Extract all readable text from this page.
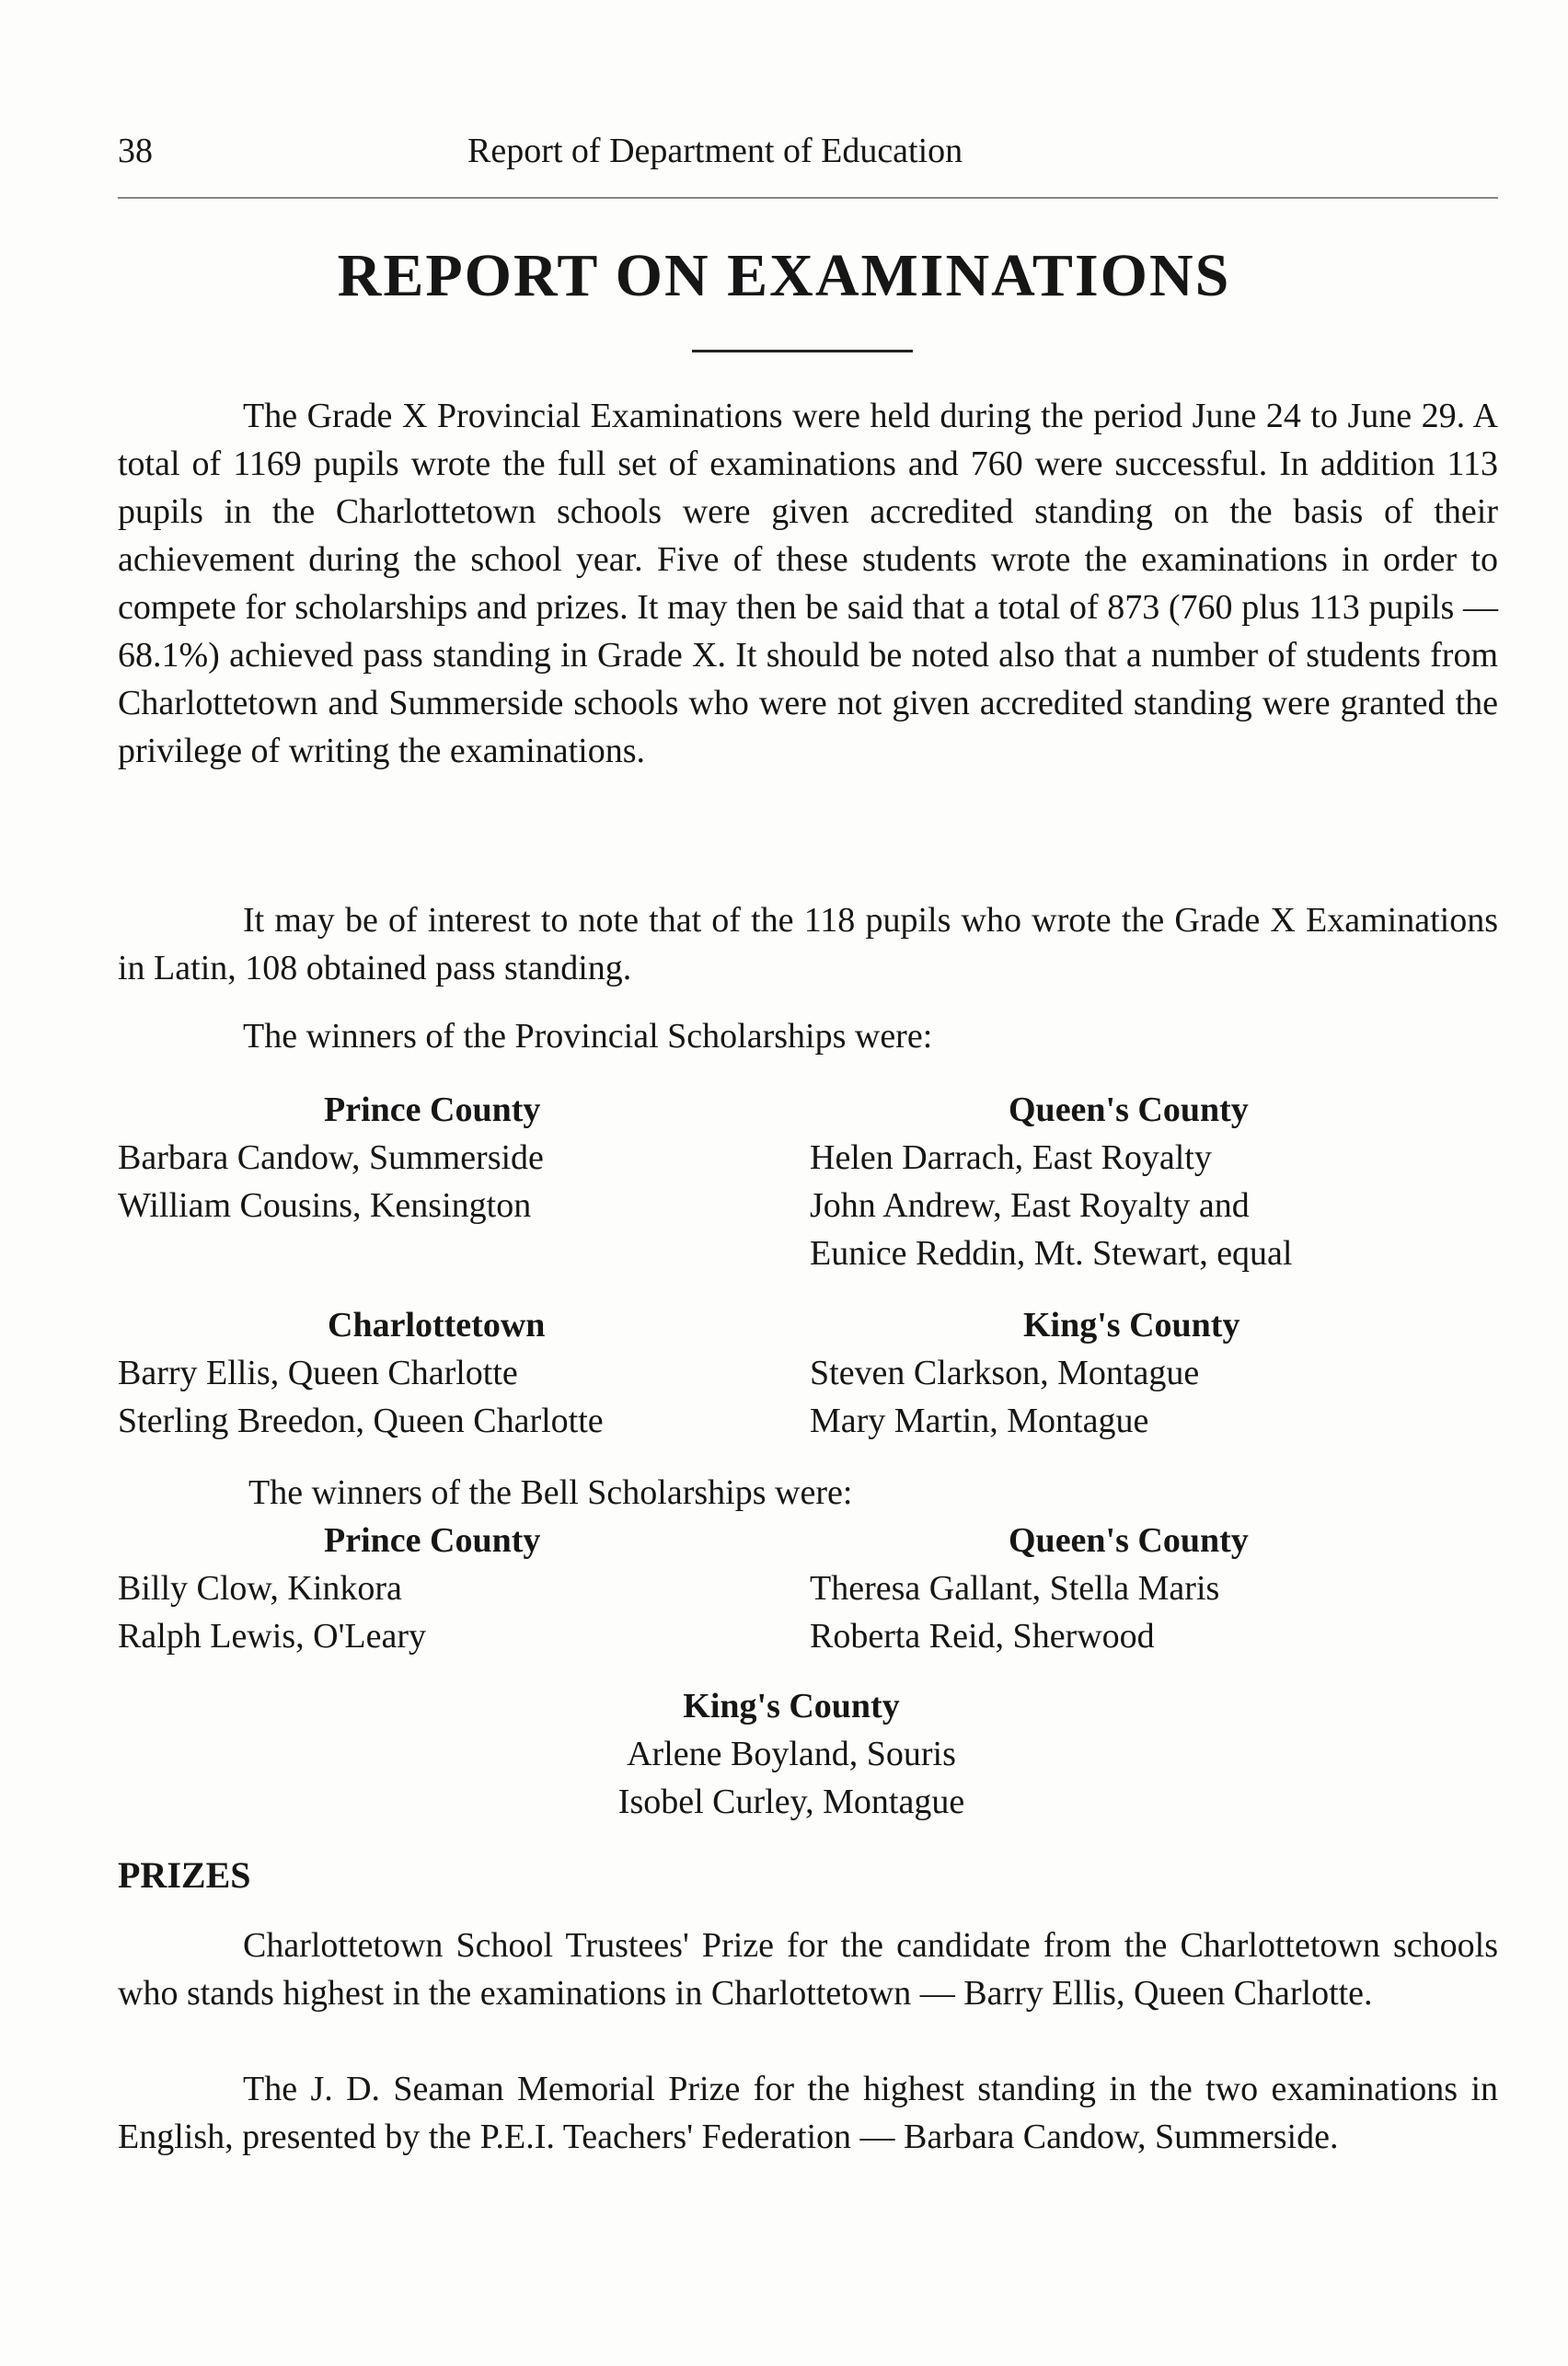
38	Report of Department of Education
REPORT ON EXAMINATIONS

The Grade X Provincial Examinations were held during the period June 24 to June 29. A total of 1169 pupils wrote the full set of examinations and 760 were successful. In addition 113 pupils in the Charlottetown schools were given accredited standing on the basis of their achievement during the school year. Five of these students wrote the examinations in order to compete for scholarships and prizes. It may then be said that a total of 873 (760 plus 113 pupils — 68.1%) achieved pass standing in Grade X. It should be noted also that a number of students from Charlottetown and Summerside schools who were not given accredited standing were granted the privilege of writing the examinations.

It may be of interest to note that of the 118 pupils who wrote the Grade X Examinations in Latin, 108 obtained pass standing.

The winners of the Provincial Scholarships were:
Prince County
Barbara Candow, Summerside
William Cousins, Kensington
Queen's County
Helen Darrach, East Royalty
John Andrew, East Royalty and
Eunice Reddin, Mt. Stewart, equal
Charlottetown
Barry Ellis, Queen Charlotte
Sterling Breedon, Queen Charlotte
King's County
Steven Clarkson, Montague
Mary Martin, Montague
The winners of the Bell Scholarships were:
Prince County
Billy Clow, Kinkora
Ralph Lewis, O'Leary
Queen's County
Theresa Gallant, Stella Maris
Roberta Reid, Sherwood
King's County
Arlene Boyland, Souris
Isobel Curley, Montague
PRIZES

Charlottetown School Trustees' Prize for the candidate from the Charlottetown schools who stands highest in the examinations in Charlottetown — Barry Ellis, Queen Charlotte.

The J. D. Seaman Memorial Prize for the highest standing in the two examinations in English, presented by the P.E.I. Teachers' Federation — Barbara Candow, Summerside.
